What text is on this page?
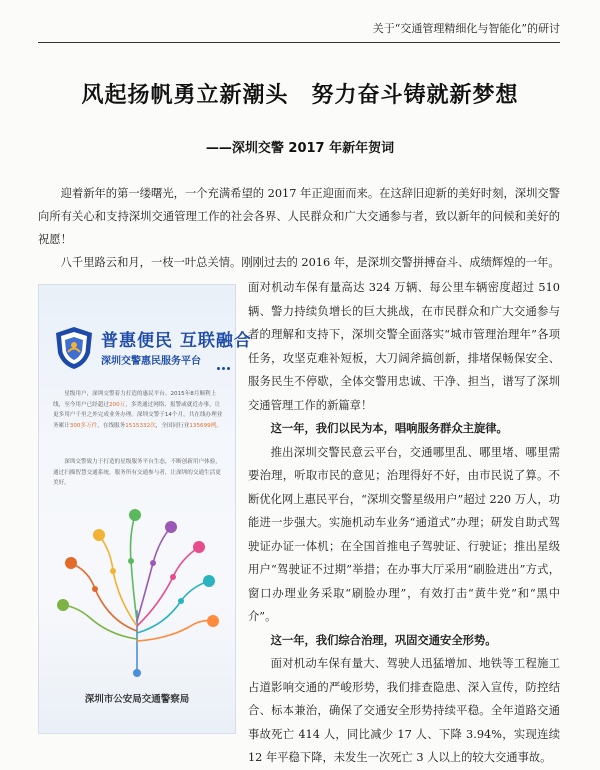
关于“交通管理精细化与智能化”的研讨
风起扬帆勇立新潮头　努力奋斗铸就新梦想
——深圳交警 2017 年新年贺词

迎着新年的第一缕曙光，一个充满希望的 2017 年正迎面而来。在这辞旧迎新的美好时刻，深圳交警向所有关心和支持深圳交通管理工作的社会各界、人民群众和广大交通参与者，致以新年的问候和美好的祝愿！

八千里路云和月，一枝一叶总关情。刚刚过去的 2016 年，是深圳交警拼搏奋斗、成绩辉煌的一年。

普惠便民 互联融合
深圳交警惠民服务平台
星级用户，深圳交警着力打造的惠民平台。2015年8月顺利上线，至今用户已经超过200万，多类通过网络、报警或就近办事，让更多用户千里之外完成业务办理。深圳交警于14个月，共在线办理业务累计300多万件，在线服务1515332次，全国同行业135699例。
深圳交警致力于打造的星级服务平台生态，不断创新用户体验，通过扫描智慧交通系统，服务所有交通参与者，让深圳的交通生活更美好。
深圳市公安局交通警察局

面对机动车保有量高达 324 万辆、每公里车辆密度超过 510 辆、警力持续负增长的巨大挑战，在市民群众和广大交通参与者的理解和支持下，深圳交警全面落实“城市管理治理年”各项任务，攻坚克难补短板，大刀阔斧搞创新，排堵保畅保安全、服务民生不停歇，全体交警用忠诚、干净、担当，谱写了深圳交通管理工作的新篇章！

这一年，我们以民为本，唱响服务群众主旋律。

推出深圳交警民意云平台，交通哪里乱、哪里堵、哪里需要治理，听取市民的意见；治理得好不好，由市民说了算。不断优化网上惠民平台，“深圳交警星级用户”超过 220 万人，功能进一步强大。实施机动车业务“通道式”办理；研发自助式驾驶证办证一体机；在全国首推电子驾驶证、行驶证；推出星级用户“驾驶证不过期”举措；在办事大厅采用“刷脸进出”方式，窗口办理业务采取“刷脸办理”，有效打击“黄牛党”和“黑中介”。

这一年，我们综合治理，巩固交通安全形势。

面对机动车保有量大、驾驶人迅猛增加、地铁等工程施工占道影响交通的严峻形势，我们排查隐患、深入宣传，防控结合、标本兼治，确保了交通安全形势持续平稳。全年道路交通事故死亡 414 人，同比减少 17 人、下降 3.94%，实现连续 12 年平稳下降，未发生一次死亡 3 人以上的较大交通事故。
